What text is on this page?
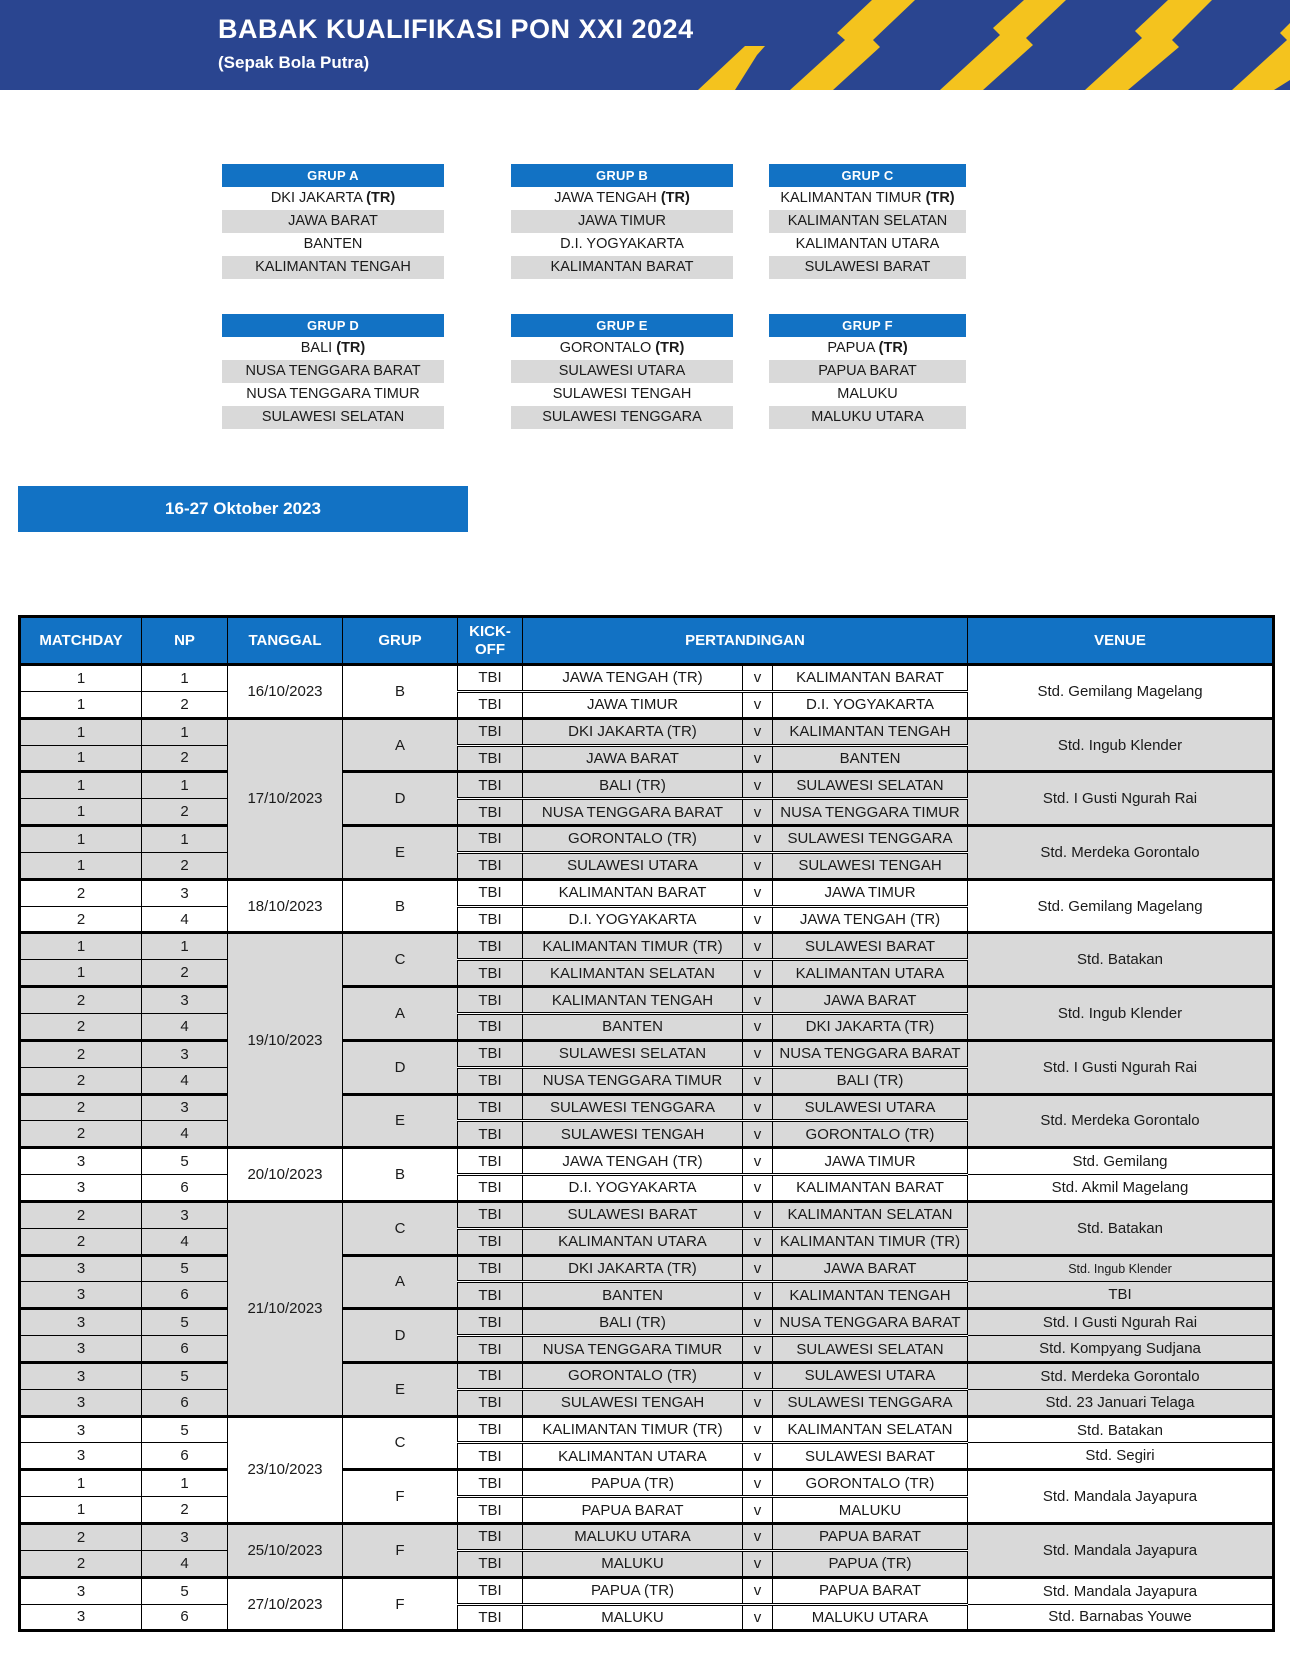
BABAK KUALIFIKASI PON XXI 2024
(Sepak Bola Putra)
GRUP A
DKI JAKARTA (TR)
JAWA BARAT
BANTEN
KALIMANTAN TENGAH
GRUP B
JAWA TENGAH (TR)
JAWA TIMUR
D.I. YOGYAKARTA
KALIMANTAN BARAT
GRUP C
KALIMANTAN TIMUR (TR)
KALIMANTAN SELATAN
KALIMANTAN UTARA
SULAWESI BARAT
GRUP D
BALI (TR)
NUSA TENGGARA BARAT
NUSA TENGGARA TIMUR
SULAWESI SELATAN
GRUP E
GORONTALO (TR)
SULAWESI UTARA
SULAWESI TENGAH
SULAWESI TENGGARA
GRUP F
PAPUA (TR)
PAPUA BARAT
MALUKU
MALUKU UTARA
16-27 Oktober 2023
MATCHDAY	NP	TANGGAL	GRUP	KICK-OFF	PERTANDINGAN			VENUE
1	1	16/10/2023	B	TBI	JAWA TENGAH (TR)	v	KALIMANTAN BARAT	Std. Gemilang Magelang
1	2			TBI	JAWA TIMUR	v	D.I. YOGYAKARTA	
1	1	17/10/2023	A	TBI	DKI JAKARTA (TR)	v	KALIMANTAN TENGAH	Std. Ingub Klender
1	2			TBI	JAWA BARAT	v	BANTEN	
1	1		D	TBI	BALI (TR)	v	SULAWESI SELATAN	Std. I Gusti Ngurah Rai
1	2			TBI	NUSA TENGGARA BARAT	v	NUSA TENGGARA TIMUR	
1	1		E	TBI	GORONTALO (TR)	v	SULAWESI TENGGARA	Std. Merdeka Gorontalo
1	2			TBI	SULAWESI UTARA	v	SULAWESI TENGAH	
2	3	18/10/2023	B	TBI	KALIMANTAN BARAT	v	JAWA TIMUR	Std. Gemilang Magelang
2	4			TBI	D.I. YOGYAKARTA	v	JAWA TENGAH (TR)	
1	1	19/10/2023	C	TBI	KALIMANTAN TIMUR (TR)	v	SULAWESI BARAT	Std. Batakan
1	2			TBI	KALIMANTAN SELATAN	v	KALIMANTAN UTARA	
2	3		A	TBI	KALIMANTAN TENGAH	v	JAWA BARAT	Std. Ingub Klender
2	4			TBI	BANTEN	v	DKI JAKARTA (TR)	
2	3		D	TBI	SULAWESI SELATAN	v	NUSA TENGGARA BARAT	Std. I Gusti Ngurah Rai
2	4			TBI	NUSA TENGGARA TIMUR	v	BALI (TR)	
2	3		E	TBI	SULAWESI TENGGARA	v	SULAWESI UTARA	Std. Merdeka Gorontalo
2	4			TBI	SULAWESI TENGAH	v	GORONTALO (TR)	
3	5	20/10/2023	B	TBI	JAWA TENGAH (TR)	v	JAWA TIMUR	Std. Gemilang
3	6			TBI	D.I. YOGYAKARTA	v	KALIMANTAN BARAT	Std. Akmil Magelang
2	3	21/10/2023	C	TBI	SULAWESI BARAT	v	KALIMANTAN SELATAN	Std. Batakan
2	4			TBI	KALIMANTAN UTARA	v	KALIMANTAN TIMUR (TR)	
3	5		A	TBI	DKI JAKARTA (TR)	v	JAWA BARAT	Std. Ingub Klender
3	6			TBI	BANTEN	v	KALIMANTAN TENGAH	TBI
3	5		D	TBI	BALI (TR)	v	NUSA TENGGARA BARAT	Std. I Gusti Ngurah Rai
3	6			TBI	NUSA TENGGARA TIMUR	v	SULAWESI SELATAN	Std. Kompyang Sudjana
3	5		E	TBI	GORONTALO (TR)	v	SULAWESI UTARA	Std. Merdeka Gorontalo
3	6			TBI	SULAWESI TENGAH	v	SULAWESI TENGGARA	Std. 23 Januari Telaga
3	5	23/10/2023	C	TBI	KALIMANTAN TIMUR (TR)	v	KALIMANTAN SELATAN	Std. Batakan
3	6			TBI	KALIMANTAN UTARA	v	SULAWESI BARAT	Std. Segiri
1	1		F	TBI	PAPUA (TR)	v	GORONTALO (TR)	Std. Mandala Jayapura
1	2			TBI	PAPUA BARAT	v	MALUKU	
2	3	25/10/2023	F	TBI	MALUKU UTARA	v	PAPUA BARAT	Std. Mandala Jayapura
2	4			TBI	MALUKU	v	PAPUA (TR)	
3	5	27/10/2023	F	TBI	PAPUA (TR)	v	PAPUA BARAT	Std. Mandala Jayapura
3	6			TBI	MALUKU	v	MALUKU UTARA	Std. Barnabas Youwe
